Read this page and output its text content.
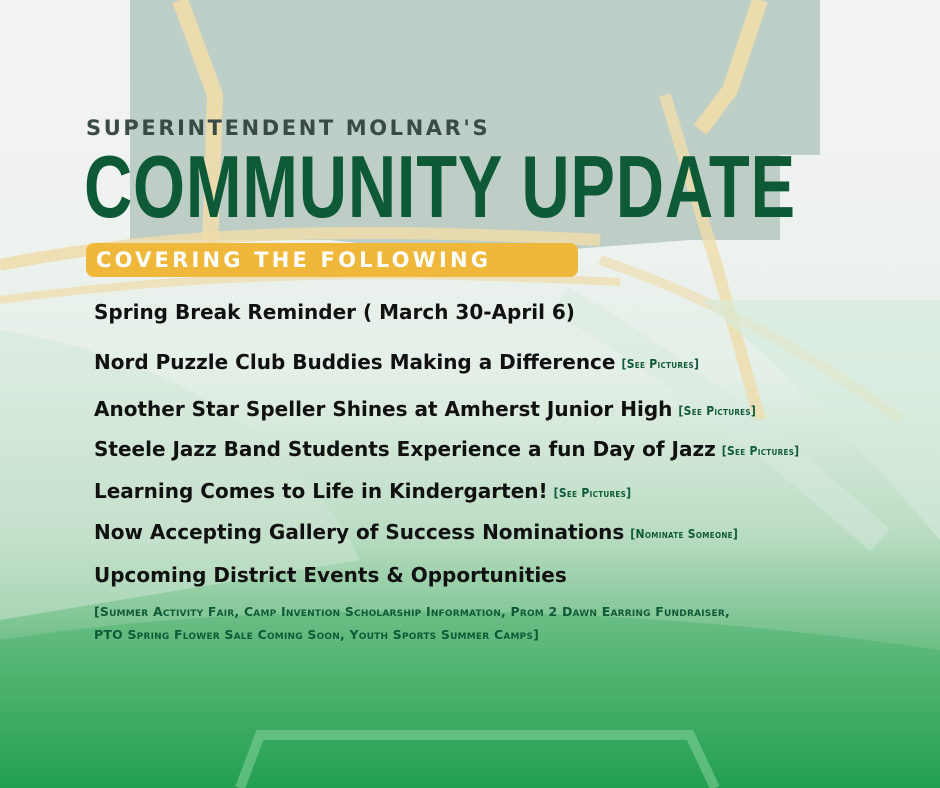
SUPERINTENDENT MOLNAR'S
COMMUNITY UPDATE
COVERING THE FOLLOWING
Spring Break Reminder ( March 30-April 6)
Nord Puzzle Club Buddies Making a Difference [See Pictures]
Another Star Speller Shines at Amherst Junior High [See Pictures]
Steele Jazz Band Students Experience a fun Day of Jazz [See Pictures]
Learning Comes to Life in Kindergarten! [See Pictures]
Now Accepting Gallery of Success Nominations [Nominate Someone]
Upcoming District Events & Opportunities
[Summer Activity Fair, Camp Invention Scholarship Information, Prom 2 Dawn Earring Fundraiser,
PTO Spring Flower Sale Coming Soon, Youth Sports Summer Camps]
